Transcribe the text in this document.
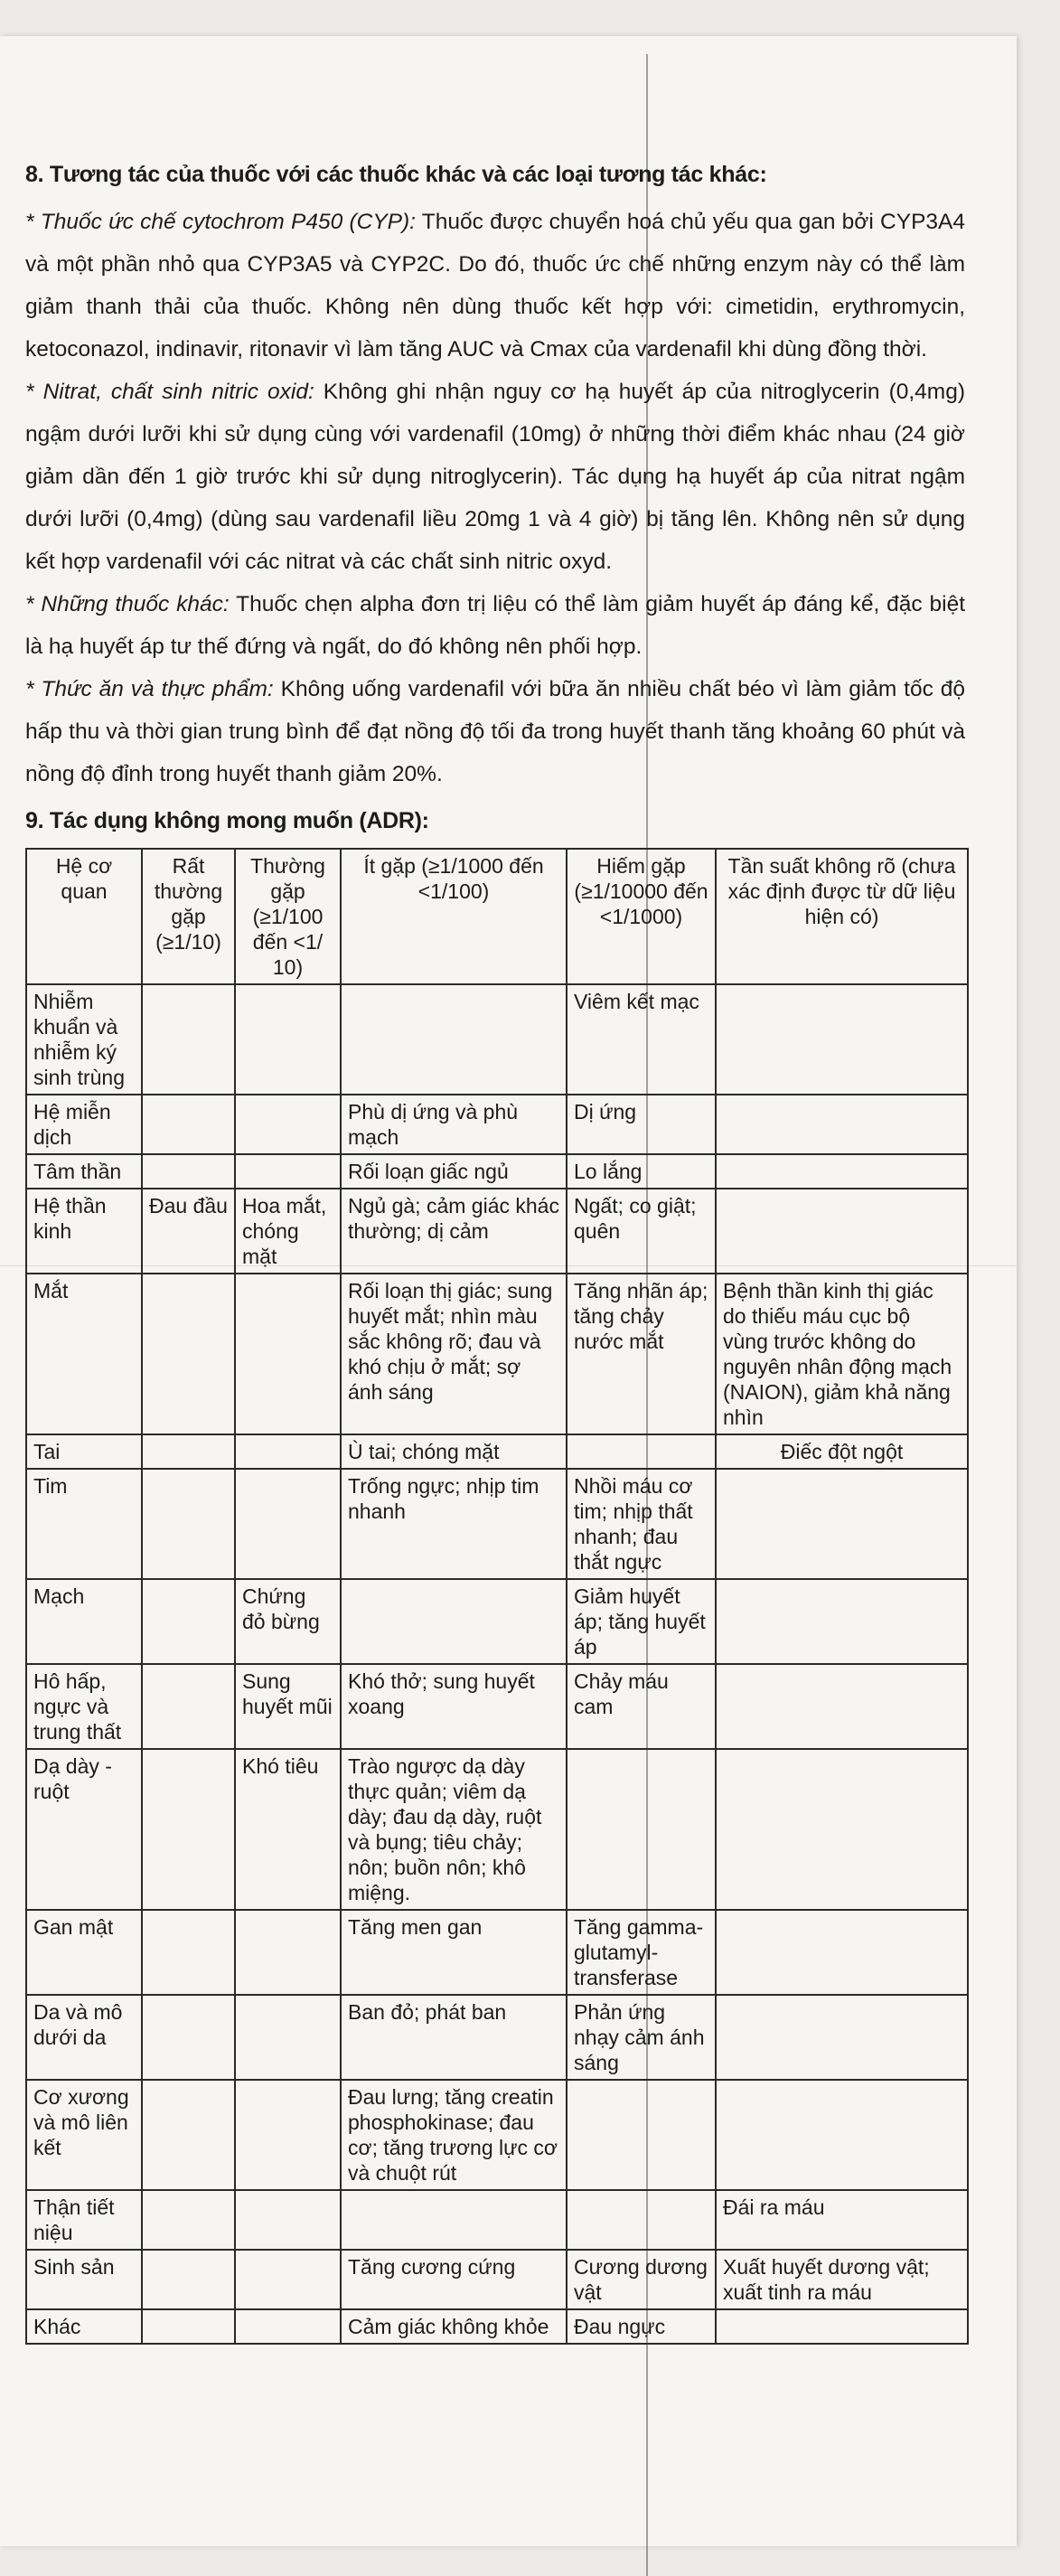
8. Tương tác của thuốc với các thuốc khác và các loại tương tác khác:

* Thuốc ức chế cytochrom P450 (CYP): Thuốc được chuyển hoá chủ yếu qua gan bởi CYP3A4 và một phần nhỏ qua CYP3A5 và CYP2C. Do đó, thuốc ức chế những enzym này có thể làm giảm thanh thải của thuốc. Không nên dùng thuốc kết hợp với: cimetidin, erythromycin, ketoconazol, indinavir, ritonavir vì làm tăng AUC và Cmax của vardenafil khi dùng đồng thời.

* Nitrat, chất sinh nitric oxid: Không ghi nhận nguy cơ hạ huyết áp của nitroglycerin (0,4mg) ngậm dưới lưỡi khi sử dụng cùng với vardenafil (10mg) ở những thời điểm khác nhau (24 giờ giảm dần đến 1 giờ trước khi sử dụng nitroglycerin). Tác dụng hạ huyết áp của nitrat ngậm dưới lưỡi (0,4mg) (dùng sau vardenafil liều 20mg 1 và 4 giờ) bị tăng lên. Không nên sử dụng kết hợp vardenafil với các nitrat và các chất sinh nitric oxyd.

* Những thuốc khác: Thuốc chẹn alpha đơn trị liệu có thể làm giảm huyết áp đáng kể, đặc biệt là hạ huyết áp tư thế đứng và ngất, do đó không nên phối hợp.

* Thức ăn và thực phẩm: Không uống vardenafil với bữa ăn nhiều chất béo vì làm giảm tốc độ hấp thu và thời gian trung bình để đạt nồng độ tối đa trong huyết thanh tăng khoảng 60 phút và nồng độ đỉnh trong huyết thanh giảm 20%.

9. Tác dụng không mong muốn (ADR):
Hệ cơ quan	Rất thường gặp (≥1/10)	Thường gặp (≥1/100 đến <1/ 10)	Ít gặp (≥1/1000 đến <1/100)	Hiếm gặp (≥1/10000 đến <1/1000)	Tần suất không rõ (chưa xác định được từ dữ liệu hiện có)
Nhiễm khuẩn và nhiễm ký sinh trùng				Viêm kết mạc	
Hệ miễn dịch			Phù dị ứng và phù mạch	Dị ứng	
Tâm thần			Rối loạn giấc ngủ	Lo lắng	
Hệ thần kinh	Đau đầu	Hoa mắt, chóng mặt	Ngủ gà; cảm giác khác thường; dị cảm	Ngất; co giật; quên	
Mắt			Rối loạn thị giác; sung huyết mắt; nhìn màu sắc không rõ; đau và khó chịu ở mắt; sợ ánh sáng	Tăng nhãn áp; tăng chảy nước mắt	Bệnh thần kinh thị giác do thiếu máu cục bộ vùng trước không do nguyên nhân động mạch (NAION), giảm khả năng nhìn
Tai			Ù tai; chóng mặt		Điếc đột ngột
Tim			Trống ngực; nhịp tim nhanh	Nhồi máu cơ tim; nhịp thất nhanh; đau thắt ngực	
Mạch		Chứng đỏ bừng		Giảm huyết áp; tăng huyết áp	
Hô hấp, ngực và trung thất		Sung huyết mũi	Khó thở; sung huyết xoang	Chảy máu cam	
Dạ dày - ruột		Khó tiêu	Trào ngược dạ dày thực quản; viêm dạ dày; đau dạ dày, ruột và bụng; tiêu chảy; nôn; buồn nôn; khô miệng.		
Gan mật			Tăng men gan	Tăng gamma-glutamyl-transferase	
Da và mô dưới da			Ban đỏ; phát ban	Phản ứng nhạy cảm ánh sáng	
Cơ xương và mô liên kết			Đau lưng; tăng creatin phosphokinase; đau cơ; tăng trương lực cơ và chuột rút		
Thận tiết niệu					Đái ra máu
Sinh sản			Tăng cương cứng	Cương dương vật	Xuất huyết dương vật; xuất tinh ra máu
Khác			Cảm giác không khỏe	Đau ngực	
